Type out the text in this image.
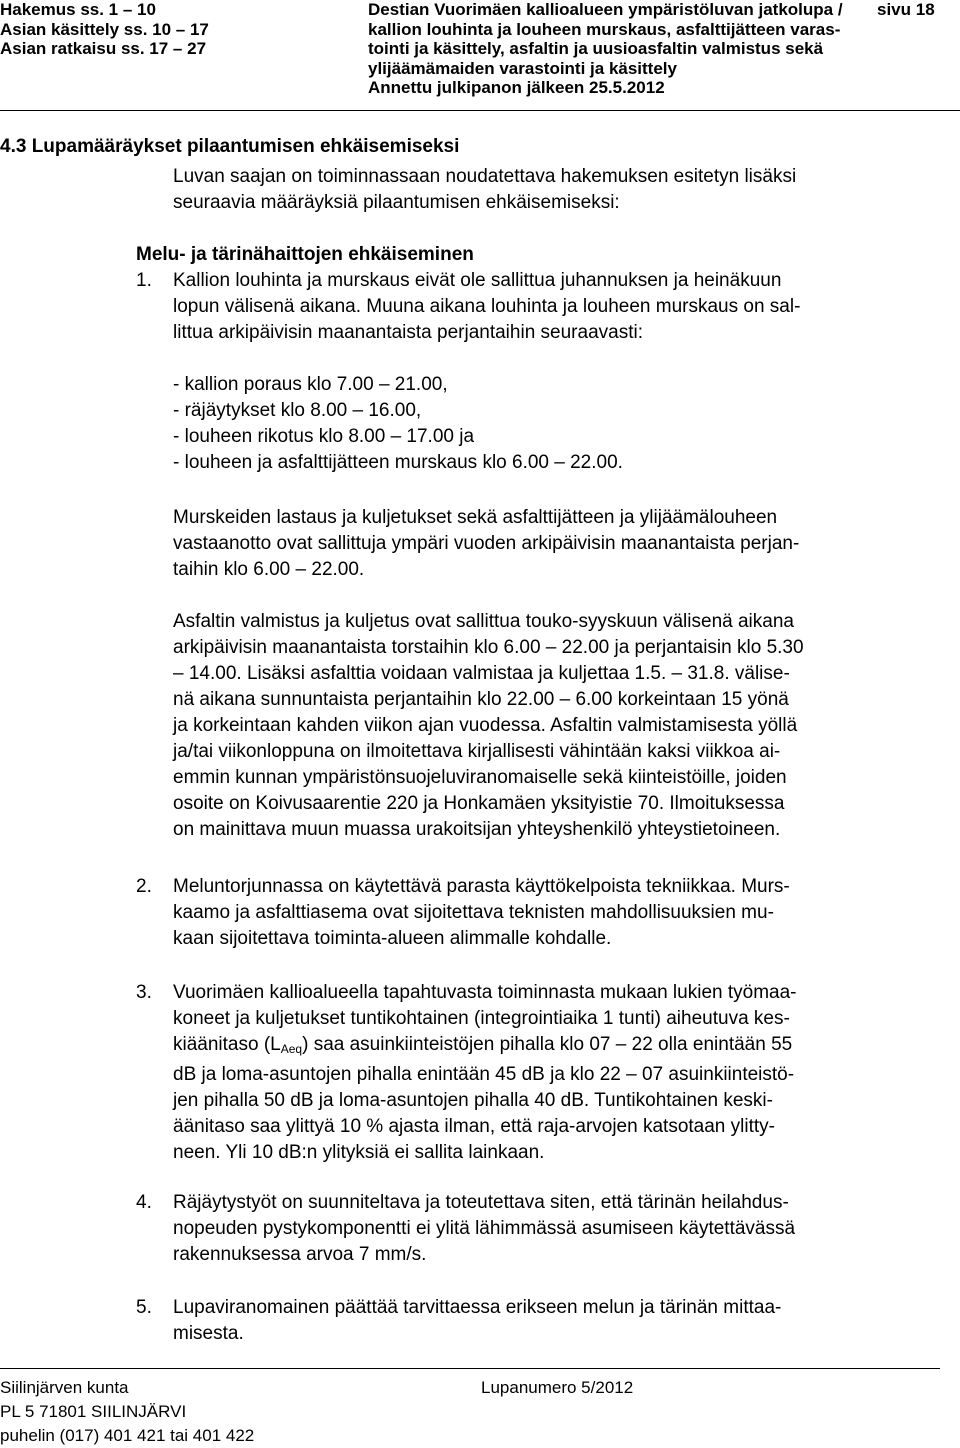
Hakemus ss. 1 – 10
Asian käsittely ss. 10 – 17
Asian ratkaisu ss. 17 – 27
Destian Vuorimäen kallioalueen ympäristöluvan jatkolupa /
kallion louhinta ja louheen murskaus, asfalttijätteen varas-
tointi ja käsittely, asfaltin ja uusioasfaltin valmistus sekä
ylijäämämaiden varastointi ja käsittely
Annettu julkipanon jälkeen 25.5.2012
sivu 18
4.3 Lupamääräykset pilaantumisen ehkäisemiseksi
Luvan saajan on toiminnassaan noudatettava hakemuksen esitetyn lisäksi
seuraavia määräyksiä pilaantumisen ehkäisemiseksi:
Melu- ja tärinähaittojen ehkäiseminen
1. Kallion louhinta ja murskaus eivät ole sallittua juhannuksen ja heinäkuun
lopun välisenä aikana. Muuna aikana louhinta ja louheen murskaus on sal-
littua arkipäivisin maanantaista perjantaihin seuraavasti:
- kallion poraus klo 7.00 – 21.00,
- räjäytykset klo 8.00 – 16.00,
- louheen rikotus klo 8.00 – 17.00 ja
- louheen ja asfalttijätteen murskaus klo 6.00 – 22.00.
Murskeiden lastaus ja kuljetukset sekä asfalttijätteen ja ylijäämälouheen
vastaanotto ovat sallittuja ympäri vuoden arkipäivisin maanantaista perjan-
taihin klo 6.00 – 22.00.
Asfaltin valmistus ja kuljetus ovat sallittua touko-syyskuun välisenä aikana
arkipäivisin maanantaista torstaihin klo 6.00 – 22.00 ja perjantaisin klo 5.30
– 14.00. Lisäksi asfalttia voidaan valmistaa ja kuljettaa 1.5. – 31.8. välise-
nä aikana sunnuntaista perjantaihin klo 22.00 – 6.00 korkeintaan 15 yönä
ja korkeintaan kahden viikon ajan vuodessa. Asfaltin valmistamisesta yöllä
ja/tai viikonloppuna on ilmoitettava kirjallisesti vähintään kaksi viikkoa ai-
emmin kunnan ympäristönsuojeluviranomaiselle sekä kiinteistöille, joiden
osoite on Koivusaarentie 220 ja Honkamäen yksityistie 70. Ilmoituksessa
on mainittava muun muassa urakoitsijan yhteyshenkilö yhteystietoineen.
2. Meluntorjunnassa on käytettävä parasta käyttökelpoista tekniikkaa. Murs-
kaamo ja asfalttiasema ovat sijoitettava teknisten mahdollisuuksien mu-
kaan sijoitettava toiminta-alueen alimmalle kohdalle.
3. Vuorimäen kallioalueella tapahtuvasta toiminnasta mukaan lukien työmaa-
koneet ja kuljetukset tuntikohtainen (integrointiaika 1 tunti) aiheutuva kes-
kiäänitaso $(L_{Aeq})$ saa asuinkiinteistöjen pihalla klo 07 – 22 olla enintään 55
dB ja loma-asuntojen pihalla enintään 45 dB ja klo 22 – 07 asuinkiinteistö-
jen pihalla 50 dB ja loma-asuntojen pihalla 40 dB. Tuntikohtainen keski-
äänitaso saa ylittyä 10 % ajasta ilman, että raja-arvojen katsotaan ylitty-
neen. Yli 10 dB:n ylityksiä ei sallita lainkaan.
4. Räjäytystyöt on suunniteltava ja toteutettava siten, että tärinän heilahdus-
nopeuden pystykomponentti ei ylitä lähimmässä asumiseen käytettävässä
rakennuksessa arvoa 7 mm/s.
5. Lupaviranomainen päättää tarvittaessa erikseen melun ja tärinän mittaa-
misesta.
Siilinjärven kunta
PL 5 71801 SIILINJÄRVI
puhelin (017) 401 421 tai 401 422
Lupanumero 5/2012
